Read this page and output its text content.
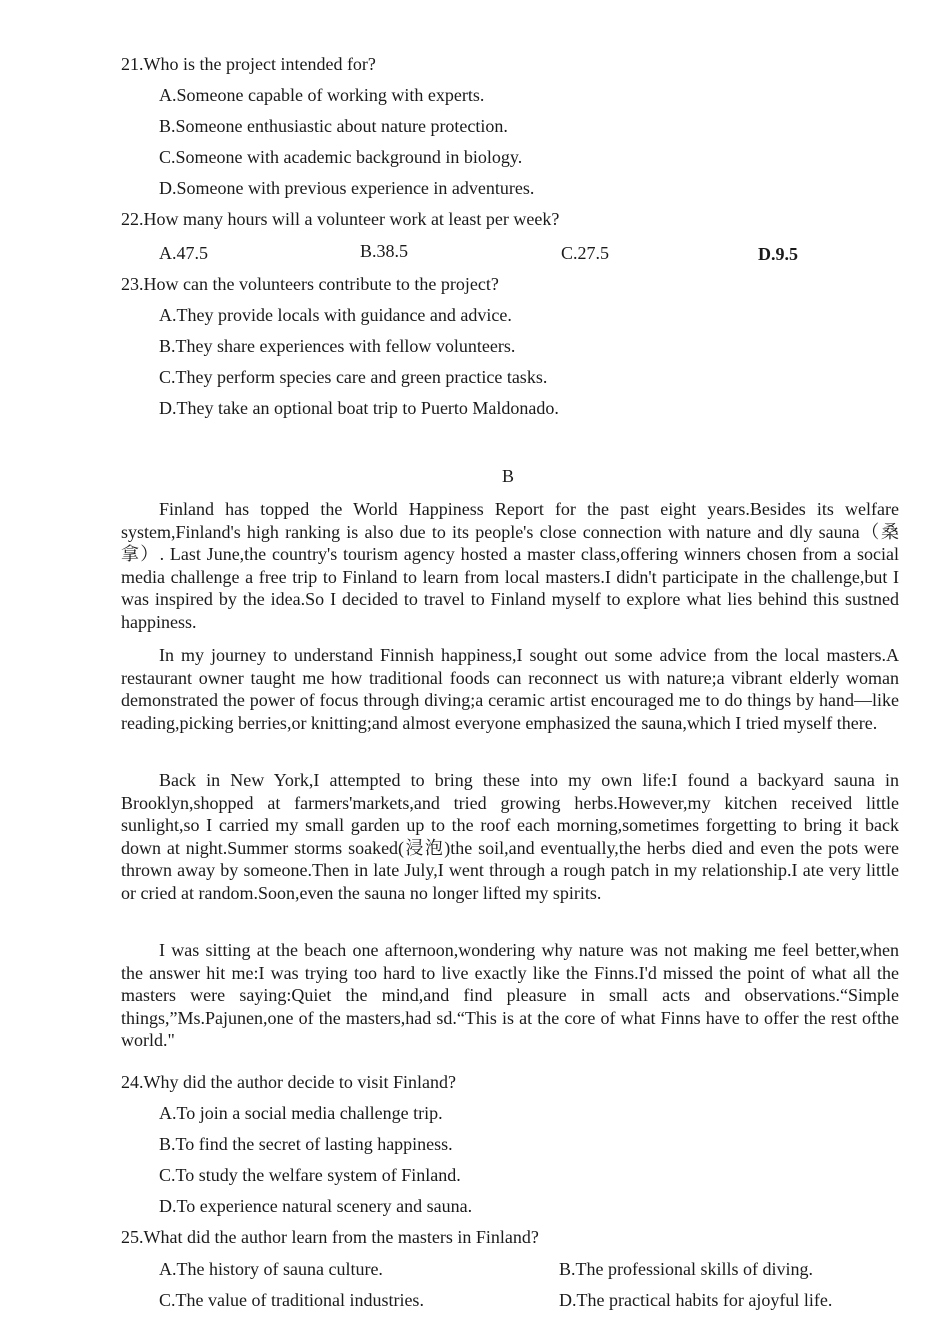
21.Who is the project intended for?
A.Someone capable of working with experts.
B.Someone enthusiastic about nature protection.
C.Someone with academic background in biology.
D.Someone with previous experience in adventures.
22.How many hours will a volunteer work at least per week?
A.47.5	B.38.5	C.27.5	D.9.5
23.How can the volunteers contribute to the project?
A.They provide locals with guidance and advice.
B.They share experiences with fellow volunteers.
C.They perform species care and green practice tasks.
D.They take an optional boat trip to Puerto Maldonado.
B
Finland has topped the World Happiness Report for the past eight years.Besides its welfare system,Finland's high ranking is also due to its people's close connection with nature and dly sauna（桑拿）. Last June,the country's tourism agency hosted a master class,offering winners chosen from a social media challenge a free trip to Finland to learn from local masters.I didn't participate in the challenge,but I was inspired by the idea.So I decided to travel to Finland myself to explore what lies behind this sustned happiness.
In my journey to understand Finnish happiness,I sought out some advice from the local masters.A restaurant owner taught me how traditional foods can reconnect us with nature;a vibrant elderly woman demonstrated the power of focus through diving;a ceramic artist encouraged me to do things by hand—like reading,picking berries,or knitting;and almost everyone emphasized the sauna,which I tried myself there.
Back in New York,I attempted to bring these into my own life:I found a backyard sauna in Brooklyn,shopped at farmers'markets,and tried growing herbs.However,my kitchen received little sunlight,so I carried my small garden up to the roof each morning,sometimes forgetting to bring it back down at night.Summer storms soaked(浸泡)the soil,and eventually,the herbs died and even the pots were thrown away by someone.Then in late July,I went through a rough patch in my relationship.I ate very little or cried at random.Soon,even the sauna no longer lifted my spirits.
I was sitting at the beach one afternoon,wondering why nature was not making me feel better,when the answer hit me:I was trying too hard to live exactly like the Finns.I'd missed the point of what all the masters were saying:Quiet the mind,and find pleasure in small acts and observations.“Simple things,”Ms.Pajunen,one of the masters,had sd.“This is at the core of what Finns have to offer the rest ofthe world."
24.Why did the author decide to visit Finland?
A.To join a social media challenge trip.
B.To find the secret of lasting happiness.
C.To study the welfare system of Finland.
D.To experience natural scenery and sauna.
25.What did the author learn from the masters in Finland?
A.The history of sauna culture.	B.The professional skills of diving.
C.The value of traditional industries.	D.The practical habits for ajoyful life.
